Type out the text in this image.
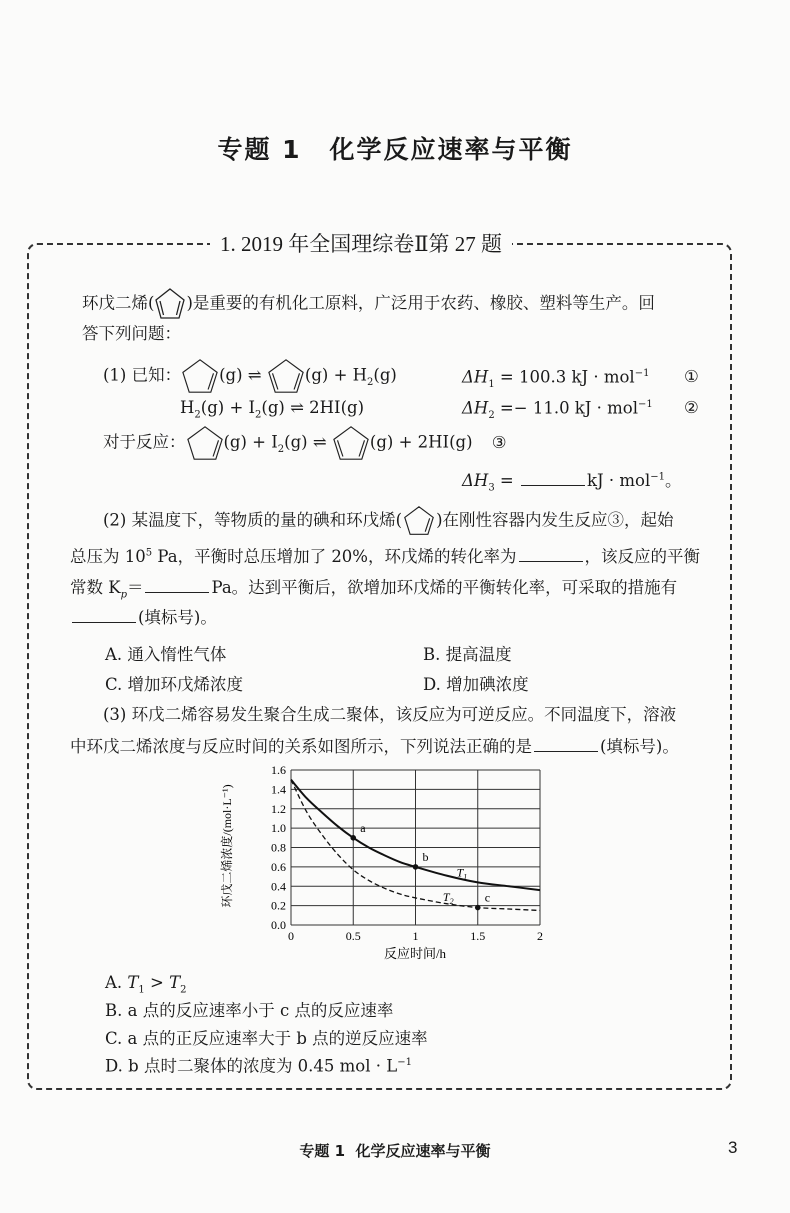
专题 1 化学反应速率与平衡
1. 2019 年全国理综卷Ⅱ第 27 题
环戊二烯( )是重要的有机化工原料，广泛用于农药、橡胶、塑料等生产。回
答下列问题：
(1) 已知： (g) ⇌ $(g) + H_2(g)$	$\Delta H_1 = 100.3$ kJ · mol$^{-1}$ ①
$H_2(g) + I_2(g)$ ⇌ 2HI(g)	$\Delta H_2 =- 11.0$ kJ · mol$^{-1}$ ②
对于反应： $(g) + I_2(g)$ ⇌ (g) + 2HI(g) ③
$\Delta H_3$ =	kJ · mol$^{-1}$。
(2) 某温度下，等物质的量的碘和环戊烯( )在刚性容器内发生反应③，起始
总压为 $10^5$ Pa，平衡时总压增加了 20%，环戊烯的转化率为	，该反应的平衡
常数 $K_p=$	Pa。达到平衡后，欲增加环戊烯的平衡转化率，可采取的措施有
(填标号)。
A. 通入惰性气体	B. 提高温度
C. 增加环戊烯浓度	D. 增加碘浓度
(3) 环戊二烯容易发生聚合生成二聚体，该反应为可逆反应。不同温度下，溶液
中环戊二烯浓度与反应时间的关系如图所示，下列说法正确的是	(填标号)。
0	0.5	1	1.5	2
0.0
0.2
0.4
0.6
0.8
1.0
1.2
1.4
1.6
$T_1$
$T_2$
a
b
c
反应时间/h
环戊二烯浓度/(mol·L⁻¹)
A. $T_1 > T_2$
B. a 点的反应速率小于 c 点的反应速率
C. a 点的正反应速率大于 b 点的逆反应速率
D. b 点时二聚体的浓度为 0.45 mol · $L^{-1}$
专题 1 化学反应速率与平衡	3
